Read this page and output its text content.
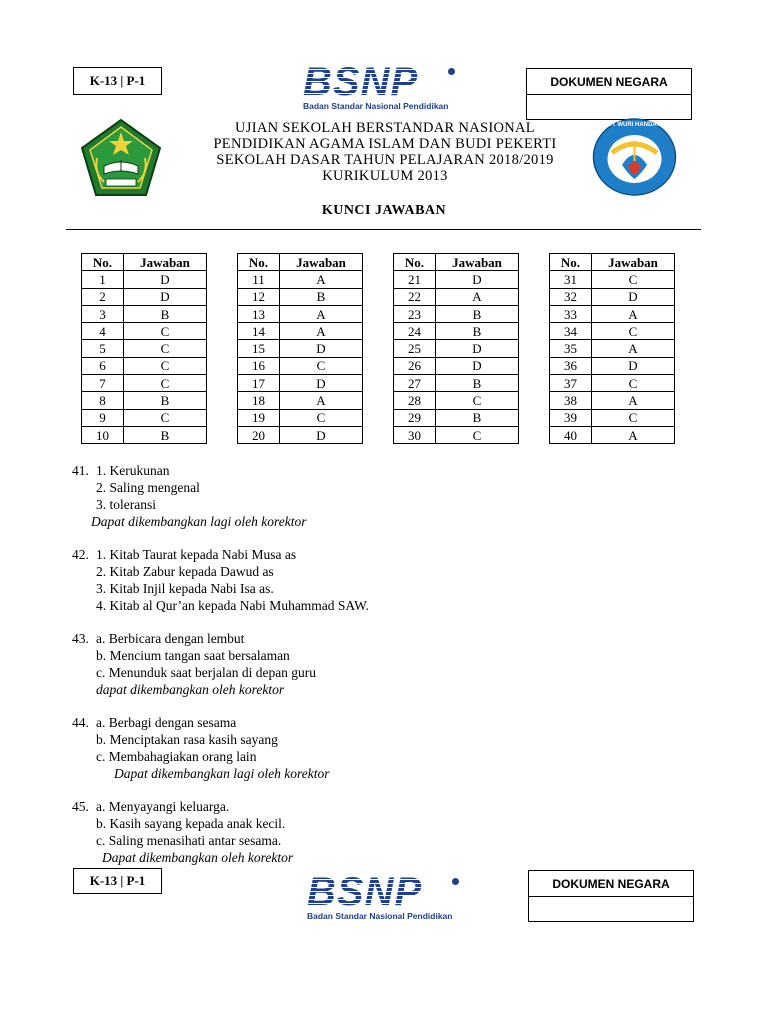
K-13 | P-1	BSNP
Badan Standar Nasional Pendidikan
DOKUMEN NEGARA
TUT WURI HANDAYANI
UJIAN SEKOLAH BERSTANDAR NASIONAL
PENDIDIKAN AGAMA ISLAM DAN BUDI PEKERTI
SEKOLAH DASAR TAHUN PELAJARAN 2018/2019
KURIKULUM 2013
KUNCI JAWABAN
No.	Jawaban
1	D
2	D
3	B
4	C
5	C
6	C
7	C
8	B
9	C
10	B
No.	Jawaban
11	A
12	B
13	A
14	A
15	D
16	C
17	D
18	A
19	C
20	D
No.	Jawaban
21	D
22	A
23	B
24	B
25	D
26	D
27	B
28	C
29	B
30	C
No.	Jawaban
31	C
32	D
33	A
34	C
35	A
36	D
37	C
38	A
39	C
40	A
41. 1. Kerukunan
2. Saling mengenal
3. toleransi
Dapat dikembangkan lagi oleh korektor
42. 1. Kitab Taurat kepada Nabi Musa as
2. Kitab Zabur kepada Dawud as
3. Kitab Injil kepada Nabi Isa as.
4. Kitab al Qur’an kepada Nabi Muhammad SAW.
43. a. Berbicara dengan lembut
b. Mencium tangan saat bersalaman
c. Menunduk saat berjalan di depan guru
dapat dikembangkan oleh korektor
44. a. Berbagi dengan sesama
b. Menciptakan rasa kasih sayang
c. Membahagiakan orang lain
Dapat dikembangkan lagi oleh korektor
45. a. Menyayangi keluarga.
b. Kasih sayang kepada anak kecil.
c. Saling menasihati antar sesama.
Dapat dikembangkan oleh korektor
K-13 | P-1	BSNP
Badan Standar Nasional Pendidikan
DOKUMEN NEGARA
